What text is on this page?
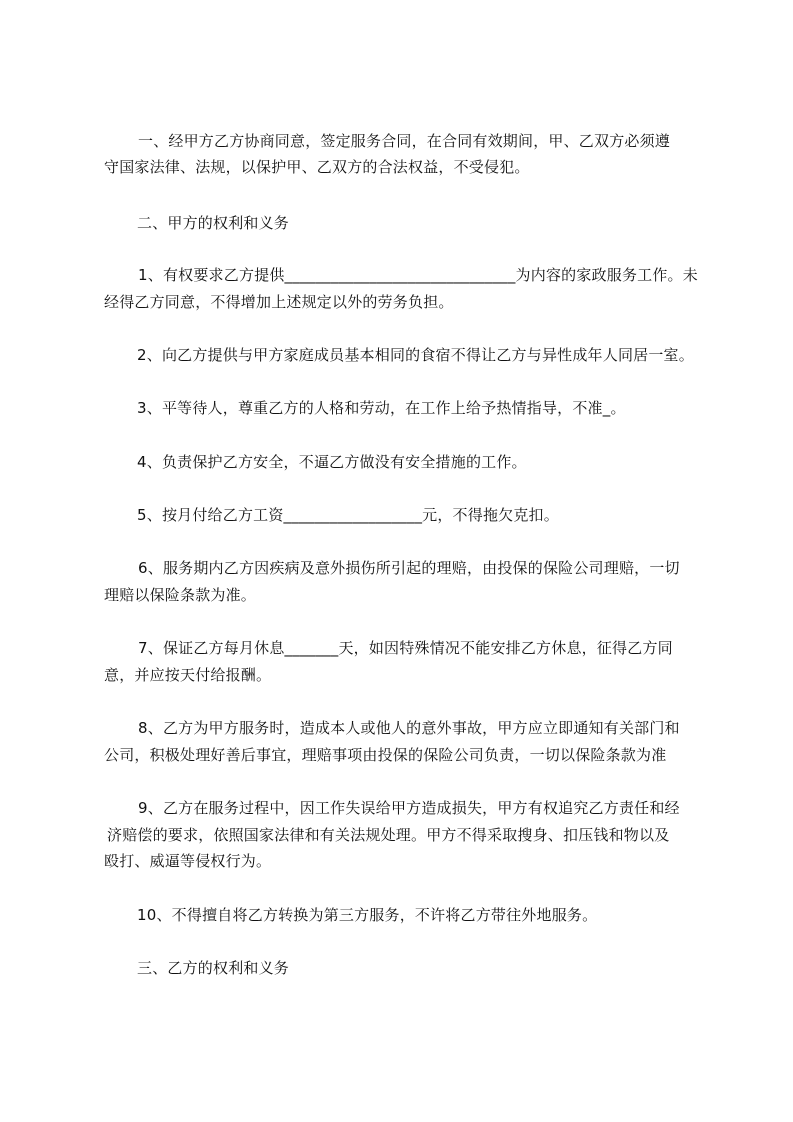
一、经甲方乙方协商同意，签定服务合同，在合同有效期间，甲、乙双方必须遵
守国家法律、法规，以保护甲、乙双方的合法权益，不受侵犯。
二、甲方的权利和义务
1、有权要求乙方提供______________________________为内容的家政服务工作。未
经得乙方同意，不得增加上述规定以外的劳务负担。
2、向乙方提供与甲方家庭成员基本相同的食宿不得让乙方与异性成年人同居一室。
3、平等待人，尊重乙方的人格和劳动，在工作上给予热情指导，不准_。
4、负责保护乙方安全，不逼乙方做没有安全措施的工作。
5、按月付给乙方工资__________________元，不得拖欠克扣。
6、服务期内乙方因疾病及意外损伤所引起的理赔，由投保的保险公司理赔，一切
理赔以保险条款为准。
7、保证乙方每月休息_______天，如因特殊情况不能安排乙方休息，征得乙方同
意，并应按天付给报酬。
8、乙方为甲方服务时，造成本人或他人的意外事故，甲方应立即通知有关部门和
公司，积极处理好善后事宜，理赔事项由投保的保险公司负责，一切以保险条款为准
9、乙方在服务过程中，因工作失误给甲方造成损失，甲方有权追究乙方责任和经
济赔偿的要求，依照国家法律和有关法规处理。甲方不得采取搜身、扣压钱和物以及
殴打、威逼等侵权行为。
10、不得擅自将乙方转换为第三方服务，不许将乙方带往外地服务。
三、乙方的权利和义务
